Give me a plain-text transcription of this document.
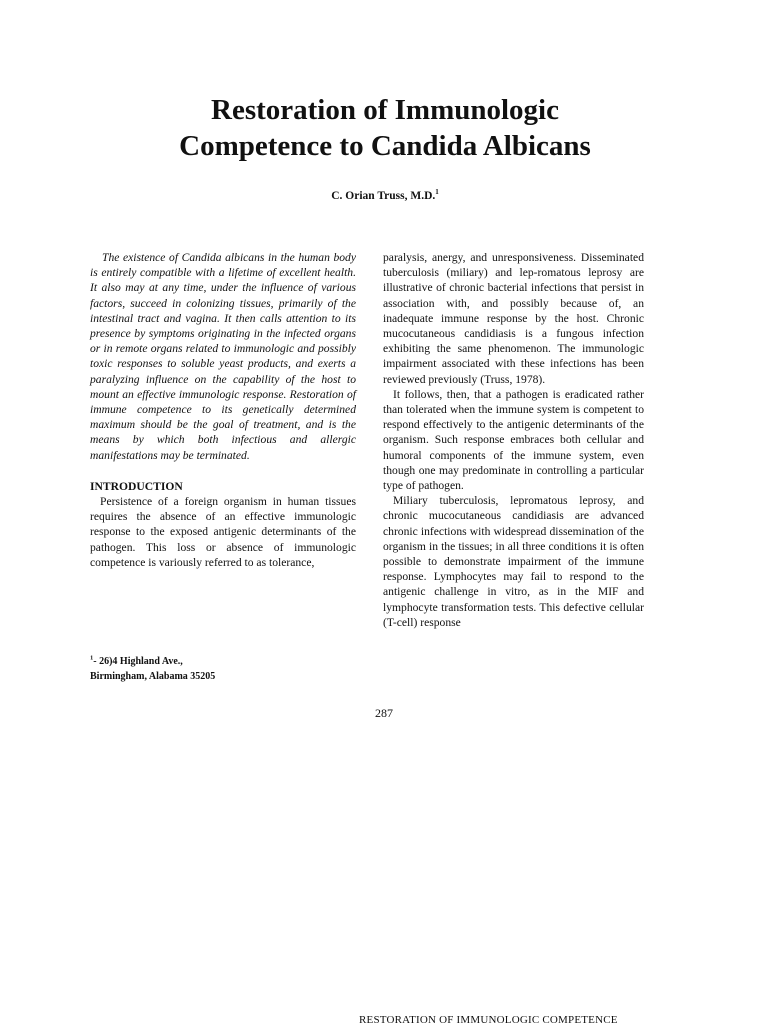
Restoration of Immunologic
Competence to Candida Albicans
C. Orian Truss, M.D.$^1$

The existence of Candida albicans in the human body is entirely compatible with a lifetime of excellent health. It also may at any time, under the influence of various factors, succeed in colonizing tissues, primarily of the intestinal tract and vagina. It then calls attention to its presence by symptoms originating in the infected organs or in remote organs related to immunologic and possibly toxic responses to soluble yeast products, and exerts a paralyzing influence on the capability of the host to mount an effective immunologic response. Restoration of immune competence to its genetically determined maximum should be the goal of treatment, and is the means by which both infectious and allergic manifestations may be terminated.

INTRODUCTION

Persistence of a foreign organism in human tissues requires the absence of an effective immunologic response to the exposed antigenic determinants of the pathogen. This loss or absence of immunologic competence is variously referred to as tolerance,

paralysis, anergy, and unresponsiveness. Disseminated tuberculosis (miliary) and lep-romatous leprosy are illustrative of chronic bacterial infections that persist in association with, and possibly because of, an inadequate immune response by the host. Chronic mucocutaneous candidiasis is a fungous infection exhibiting the same phenomenon. The immunologic impairment associated with these infections has been reviewed previously (Truss, 1978).

It follows, then, that a pathogen is eradicated rather than tolerated when the immune system is competent to respond effectively to the antigenic determinants of the organism. Such response embraces both cellular and humoral components of the immune system, even though one may predominate in controlling a particular type of pathogen.

Miliary tuberculosis, lepromatous leprosy, and chronic mucocutaneous candidiasis are advanced chronic infections with widespread dissemination of the organism in the tissues; in all three conditions it is often possible to demonstrate impairment of the immune response. Lymphocytes may fail to respond to the antigenic challenge in vitro, as in the MIF and lymphocyte transformation tests. This defective cellular (T-cell) response

$^1$- 26)4 Highland Ave.,

Birmingham, Alabama 35205

287
RESTORATION OF IMMUNOLOGIC COMPETENCE
